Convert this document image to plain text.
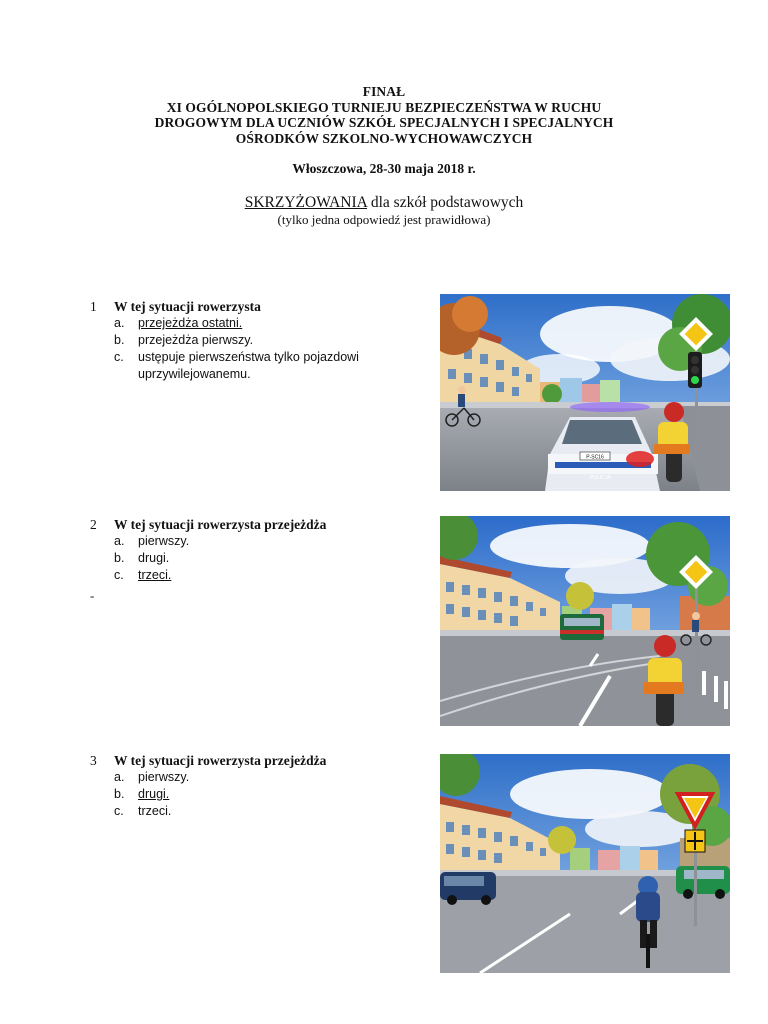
FINAŁ
XI OGÓLNOPOLSKIEGO TURNIEJU BEZPIECZEŃSTWA W RUCHU
DROGOWYM DLA UCZNIÓW SZKÓŁ SPECJALNYCH I SPECJALNYCH
OŚRODKÓW SZKOLNO-WYCHOWAWCZYCH
Włoszczowa, 28-30 maja 2018 r.
SKRZYŻOWANIA dla szkół podstawowych
(tylko jedna odpowiedź jest prawidłowa)
1	W tej sytuacji rowerzysta
a.	przejeżdża ostatni.
b.	przejeżdża pierwszy.
c.	ustępuje pierwszeństwa tylko pojazdowi uprzywilejowanemu.
2	W tej sytuacji rowerzysta przejeżdża
a.	pierwszy.
b.	drugi.
c.	trzeci.
-
3	W tej sytuacji rowerzysta przejeżdża
a.	pierwszy.
b.	drugi.
c.	trzeci.
P-SC16
POLICJA
